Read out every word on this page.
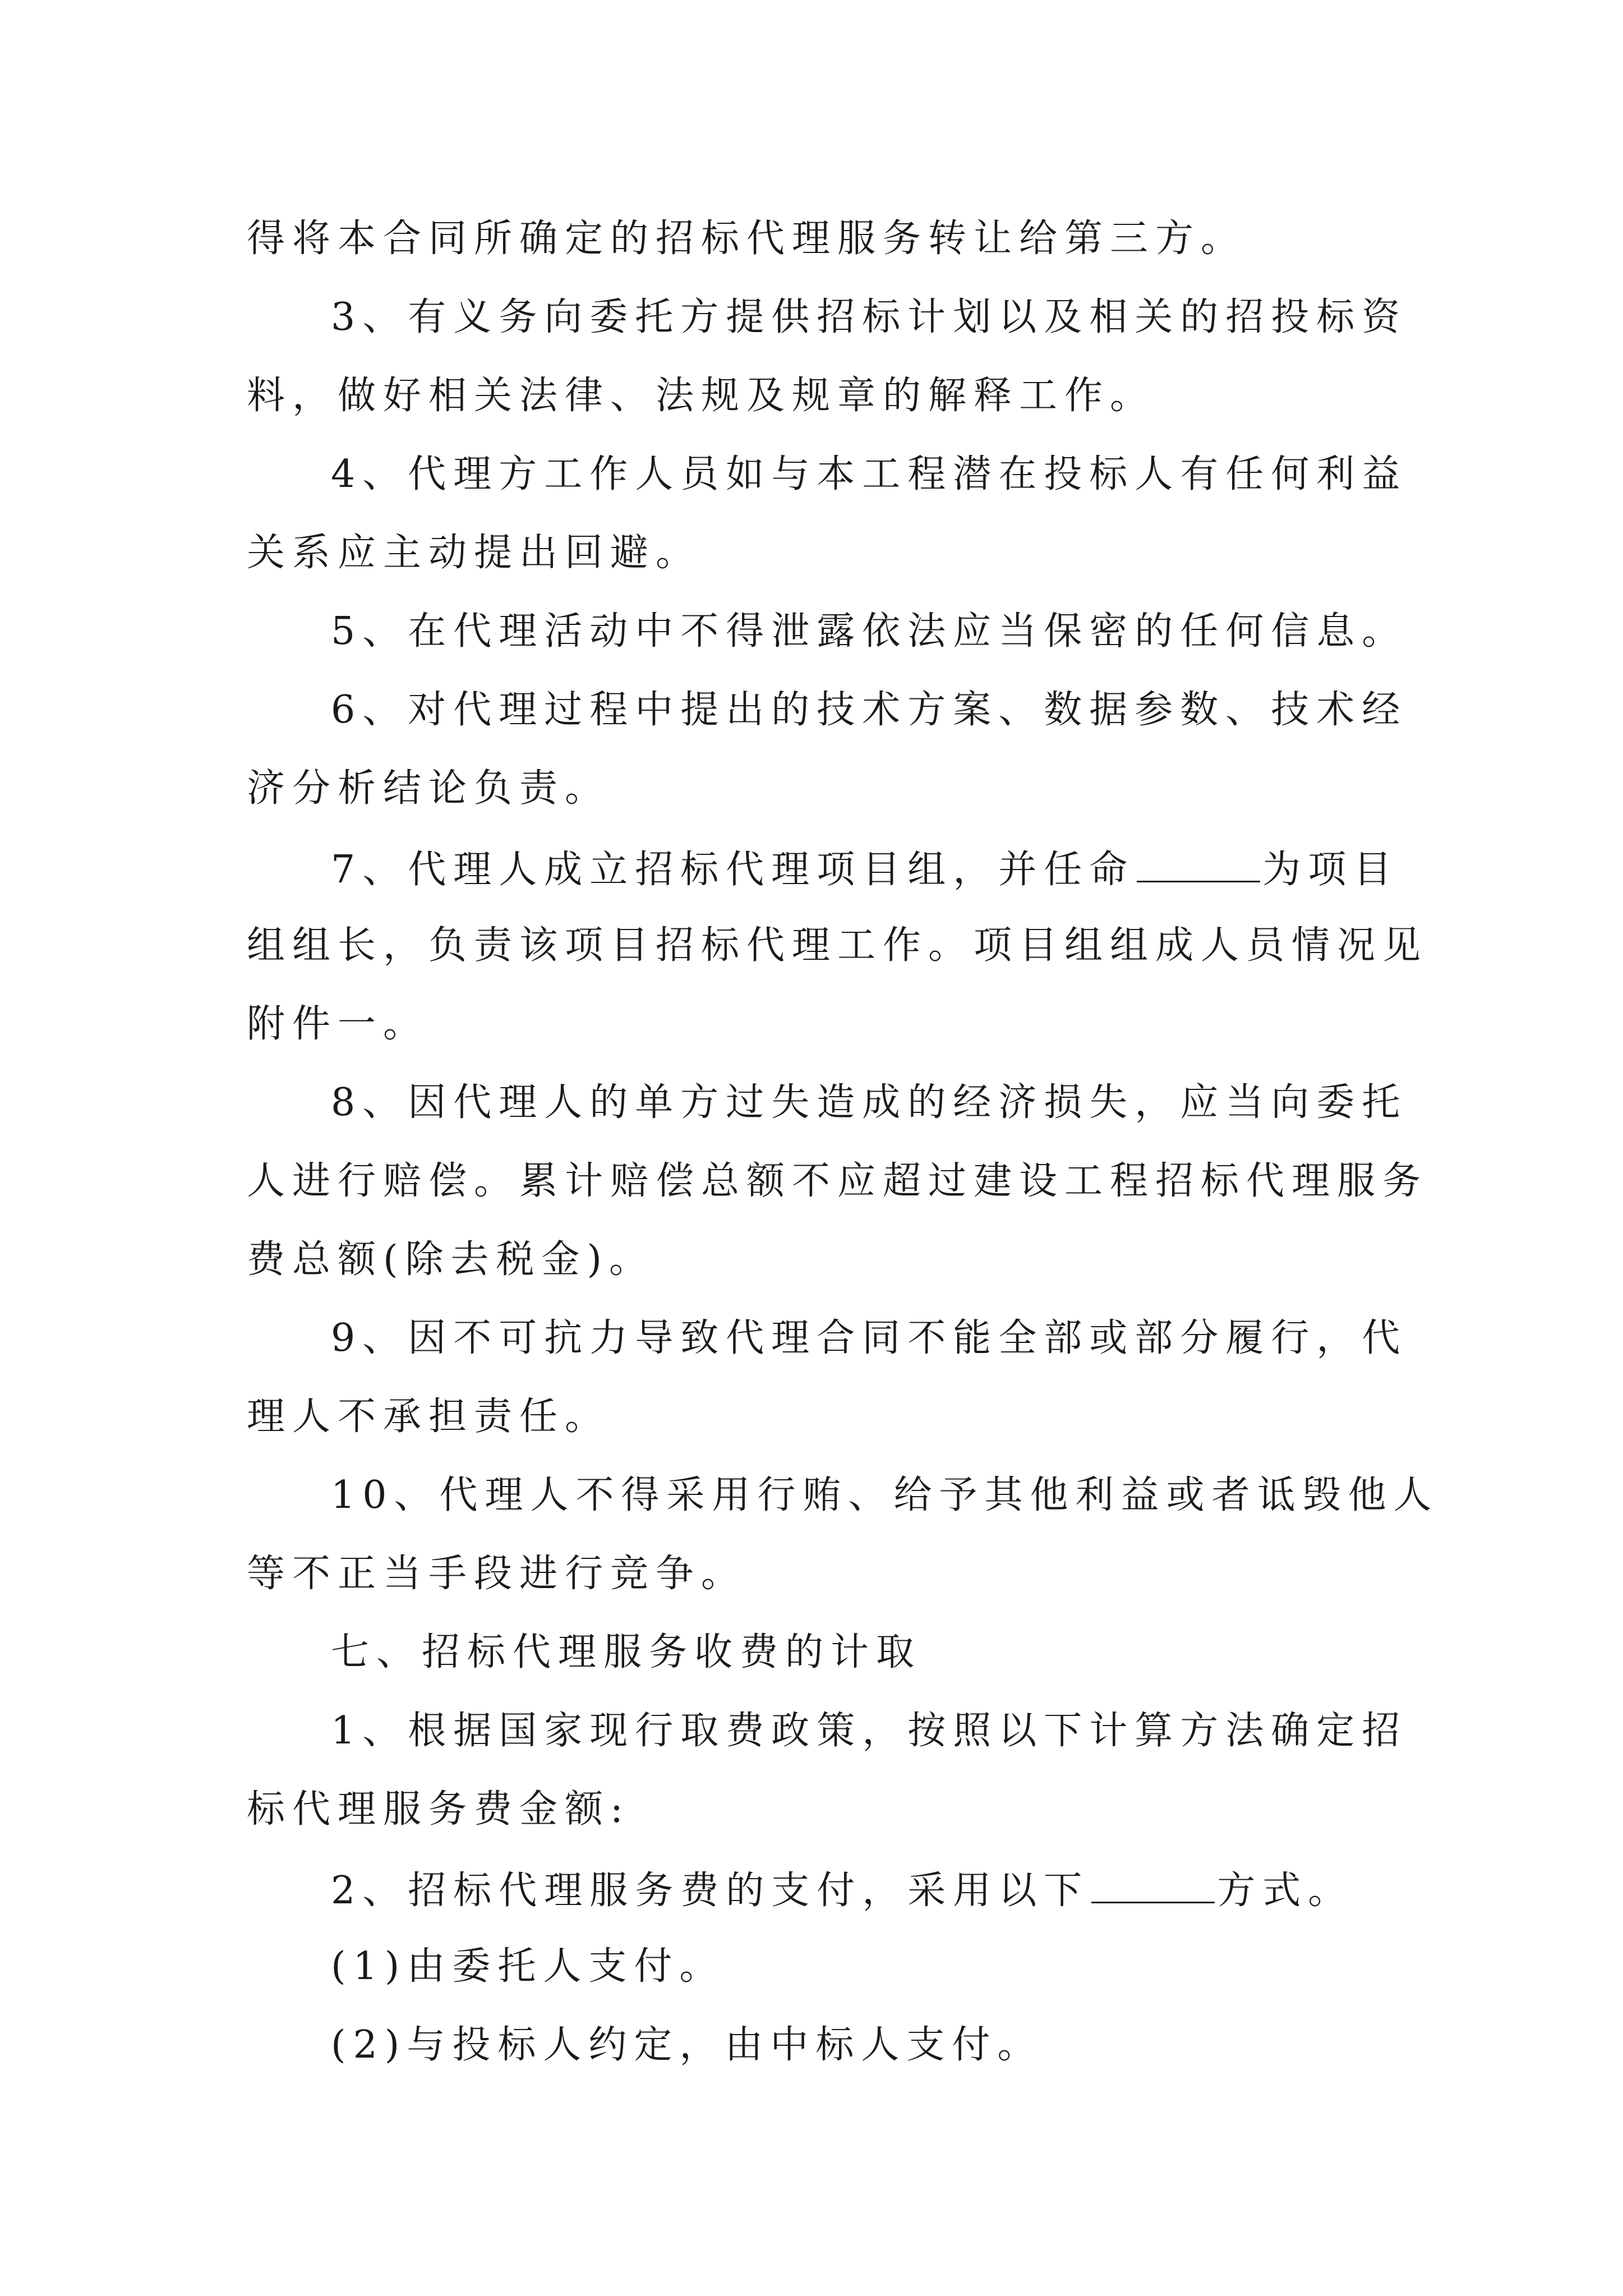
得将本合同所确定的招标代理服务转让给第三方。
3、有义务向委托方提供招标计划以及相关的招投标资
料，做好相关法律、法规及规章的解释工作。
4、代理方工作人员如与本工程潜在投标人有任何利益
关系应主动提出回避。
5、在代理活动中不得泄露依法应当保密的任何信息。
6、对代理过程中提出的技术方案、数据参数、技术经
济分析结论负责。
7、代理人成立招标代理项目组，并任命	为项目
组组长，负责该项目招标代理工作。项目组组成人员情况见
附件一。
8、因代理人的单方过失造成的经济损失，应当向委托
人进行赔偿。累计赔偿总额不应超过建设工程招标代理服务
费总额(除去税金)。
9、因不可抗力导致代理合同不能全部或部分履行，代
理人不承担责任。
10、代理人不得采用行贿、给予其他利益或者诋毁他人
等不正当手段进行竞争。
七、招标代理服务收费的计取
1、根据国家现行取费政策，按照以下计算方法确定招
标代理服务费金额:
2、招标代理服务费的支付，采用以下	方式。
(1)由委托人支付。
(2)与投标人约定，由中标人支付。
